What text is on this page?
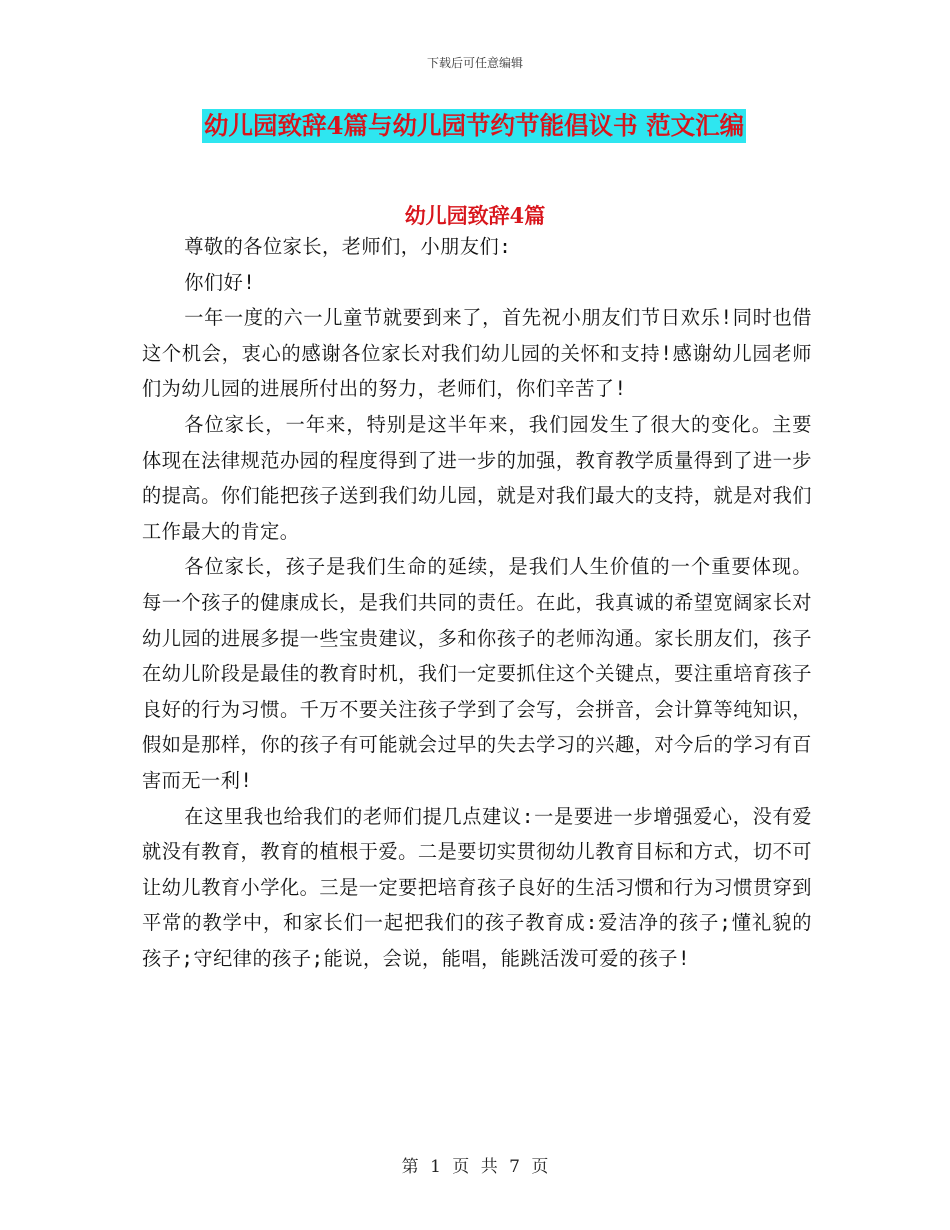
下载后可任意编辑
幼儿园致辞4篇与幼儿园节约节能倡议书 范文汇编
幼儿园致辞4篇

尊敬的各位家长，老师们，小朋友们:

你们好!

一年一度的六一儿童节就要到来了，首先祝小朋友们节日欢乐!同时也借这个机会，衷心的感谢各位家长对我们幼儿园的关怀和支持!感谢幼儿园老师们为幼儿园的进展所付出的努力，老师们，你们辛苦了!

各位家长，一年来，特别是这半年来，我们园发生了很大的变化。主要体现在法律规范办园的程度得到了进一步的加强，教育教学质量得到了进一步的提高。你们能把孩子送到我们幼儿园，就是对我们最大的支持，就是对我们工作最大的肯定。

各位家长，孩子是我们生命的延续，是我们人生价值的一个重要体现。每一个孩子的健康成长，是我们共同的责任。在此，我真诚的希望宽阔家长对幼儿园的进展多提一些宝贵建议，多和你孩子的老师沟通。家长朋友们，孩子在幼儿阶段是最佳的教育时机，我们一定要抓住这个关键点，要注重培育孩子良好的行为习惯。千万不要关注孩子学到了会写，会拼音，会计算等纯知识，假如是那样，你的孩子有可能就会过早的失去学习的兴趣，对今后的学习有百害而无一利!

在这里我也给我们的老师们提几点建议:一是要进一步增强爱心，没有爱就没有教育，教育的植根于爱。二是要切实贯彻幼儿教育目标和方式，切不可让幼儿教育小学化。三是一定要把培育孩子良好的生活习惯和行为习惯贯穿到平常的教学中，和家长们一起把我们的孩子教育成:爱洁净的孩子;懂礼貌的孩子;守纪律的孩子;能说，会说，能唱，能跳活泼可爱的孩子!

第 1 页 共 7 页
